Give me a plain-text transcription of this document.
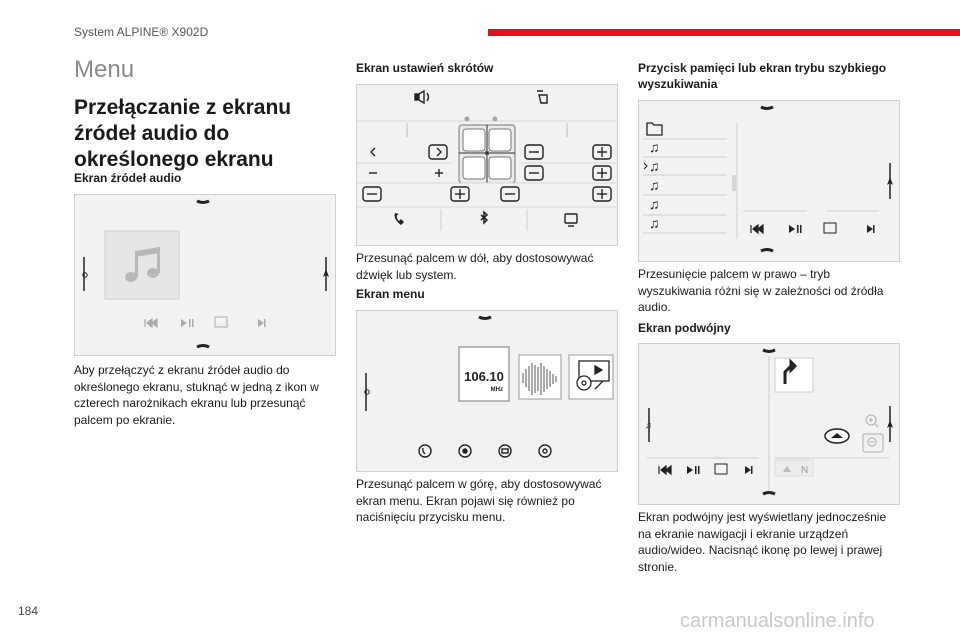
System ALPINE® X902D
Menu
Przełączanie z ekranu źródeł audio do określonego ekranu
Ekran źródeł audio
Aby przełączyć z ekranu źródeł audio do określonego ekranu, stuknąć w jedną z ikon w czterech narożnikach ekranu lub przesunąć palcem po ekranie.
Ekran ustawień skrótów
Przesunąć palcem w dół, aby dostosowywać dźwięk lub system.
Ekran menu
106.10
MHz
Przesunąć palcem w górę, aby dostosowywać ekran menu. Ekran pojawi się również po naciśnięciu przycisku menu.
Przycisk pamięci lub ekran trybu szybkiego wyszukiwania
♫
♫
♫
♫
♫
Przesunięcie palcem w prawo – tryb wyszukiwania różni się w zależności od źródła audio.
Ekran podwójny
♫
N
Ekran podwójny jest wyświetlany jednocześnie na ekranie nawigacji i ekranie urządzeń audio/wideo. Nacisnąć ikonę po lewej i prawej stronie.
184	carmanualsonline.info
